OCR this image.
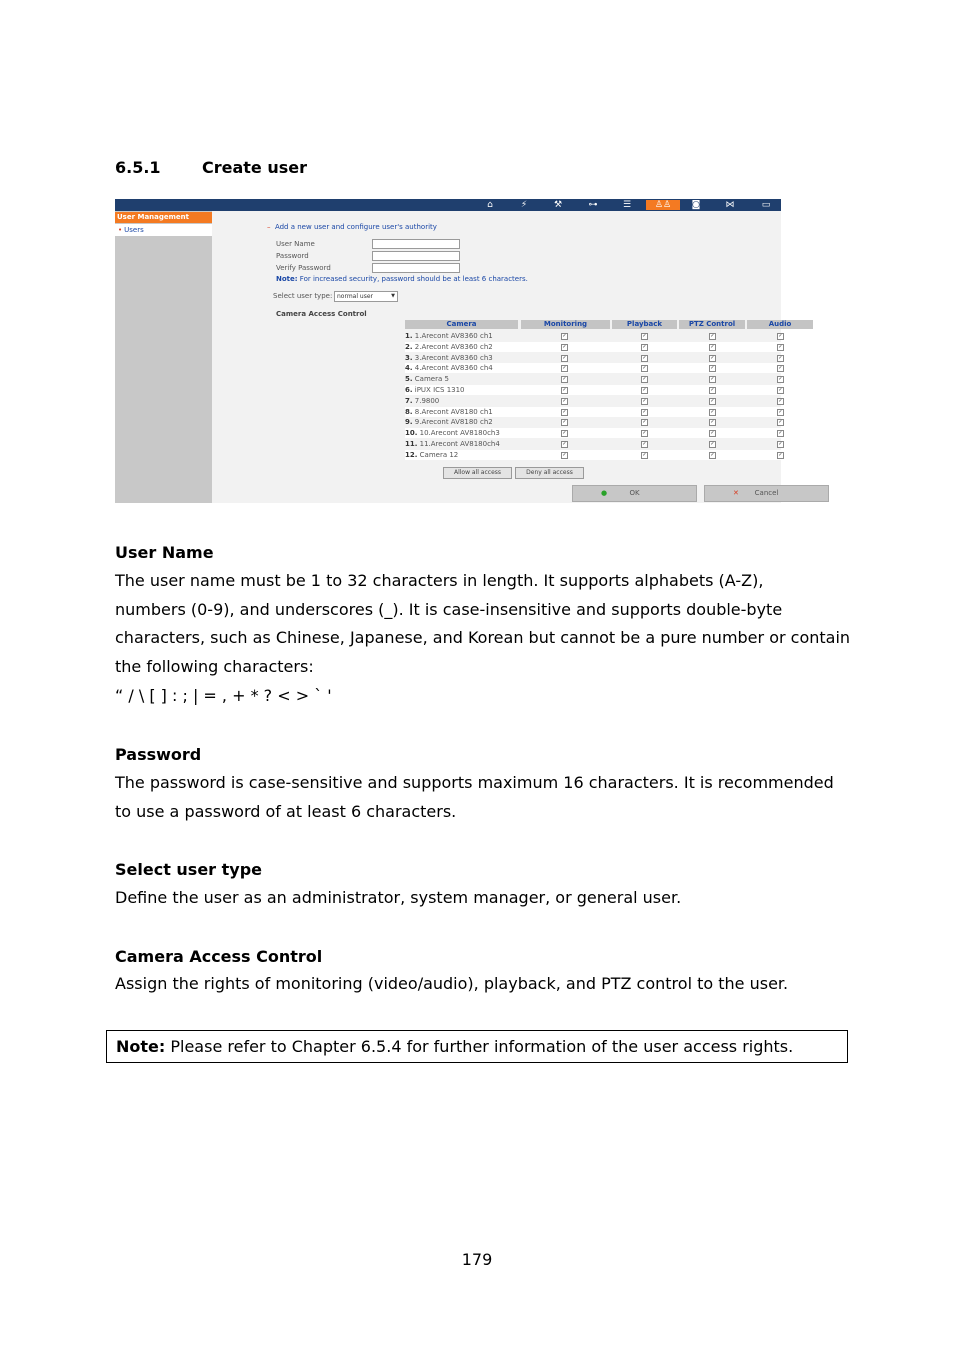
6.5.1	Create user
⌂	⚡	⚒	⊶	☰	♙♙	◙	⋈	▭
User Management
• Users	– Add a new user and configure user's authority
User Name
Password
Verify Password
Note: For increased security, password should be at least 6 characters.
Select user type: normal user	▼
Camera Access Control
Camera	Monitoring	Playback	PTZ Control	Audio
1. 1.Arecont AV8360 ch1	✓	✓	✓	✓
2. 2.Arecont AV8360 ch2	✓	✓	✓	✓
3. 3.Arecont AV8360 ch3	✓	✓	✓	✓
4. 4.Arecont AV8360 ch4	✓	✓	✓	✓
5. Camera 5	✓	✓	✓	✓
6. iPUX ICS 1310	✓	✓	✓	✓
7. 7.9800	✓	✓	✓	✓
8. 8.Arecont AV8180 ch1	✓	✓	✓	✓
9. 9.Arecont AV8180 ch2	✓	✓	✓	✓
10. 10.Arecont AV8180ch3	✓	✓	✓	✓
11. 11.Arecont AV8180ch4	✓	✓	✓	✓
12. Camera 12	✓	✓	✓	✓
Allow all access	Deny all access
●	OK	✕	Cancel
User Name
The user name must be 1 to 32 characters in length. It supports alphabets (A-Z),
numbers (0-9), and underscores (_). It is case-insensitive and supports double-byte
characters, such as Chinese, Japanese, and Korean but cannot be a pure number or contain
the following characters:
“ / \ [ ] : ; | = , + * ? < > ` '
Password
The password is case-sensitive and supports maximum 16 characters. It is recommended
to use a password of at least 6 characters.
Select user type
Define the user as an administrator, system manager, or general user.
Camera Access Control
Assign the rights of monitoring (video/audio), playback, and PTZ control to the user.
Note: Please refer to Chapter 6.5.4 for further information of the user access rights.
179
